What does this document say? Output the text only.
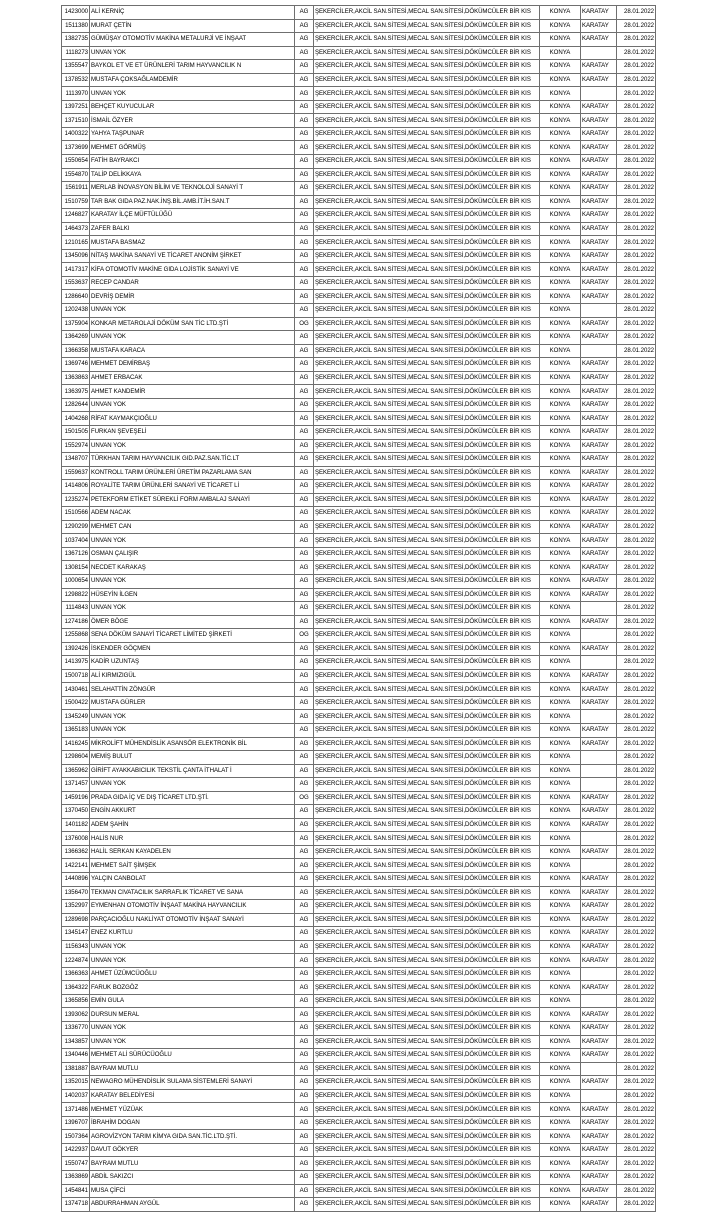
1423000	ALİ KERNİÇ	AG	ŞEKERCİLER,AKCİL SAN.SİTESİ,MECAL SAN.SİTESİ,DÖKÜMCÜLER BİR KIS	KONYA	KARATAY	28.01.2022
1511380	MURAT ÇETİN	AG	ŞEKERCİLER,AKCİL SAN.SİTESİ,MECAL SAN.SİTESİ,DÖKÜMCÜLER BİR KIS	KONYA	KARATAY	28.01.2022
1382735	GÜMÜŞAY OTOMOTİV MAKİNA METALURJİ VE İNŞAAT	AG	ŞEKERCİLER,AKCİL SAN.SİTESİ,MECAL SAN.SİTESİ,DÖKÜMCÜLER BİR KIS	KONYA	KARATAY	28.01.2022
1118273	UNVAN YOK	AG	ŞEKERCİLER,AKCİL SAN.SİTESİ,MECAL SAN.SİTESİ,DÖKÜMCÜLER BİR KIS	KONYA		28.01.2022
1355547	BAYKOL ET VE ET ÜRÜNLERİ TARIM HAYVANCILIK N	AG	ŞEKERCİLER,AKCİL SAN.SİTESİ,MECAL SAN.SİTESİ,DÖKÜMCÜLER BİR KIS	KONYA	KARATAY	28.01.2022
1378532	MUSTAFA ÇOKSAĞLAMDEMİR	AG	ŞEKERCİLER,AKCİL SAN.SİTESİ,MECAL SAN.SİTESİ,DÖKÜMCÜLER BİR KIS	KONYA	KARATAY	28.01.2022
1113970	UNVAN YOK	AG	ŞEKERCİLER,AKCİL SAN.SİTESİ,MECAL SAN.SİTESİ,DÖKÜMCÜLER BİR KIS	KONYA		28.01.2022
1397251	BEHÇET KUYUCULAR	AG	ŞEKERCİLER,AKCİL SAN.SİTESİ,MECAL SAN.SİTESİ,DÖKÜMCÜLER BİR KIS	KONYA	KARATAY	28.01.2022
1371510	İSMAİL ÖZYER	AG	ŞEKERCİLER,AKCİL SAN.SİTESİ,MECAL SAN.SİTESİ,DÖKÜMCÜLER BİR KIS	KONYA	KARATAY	28.01.2022
1400322	YAHYA TAŞPUNAR	AG	ŞEKERCİLER,AKCİL SAN.SİTESİ,MECAL SAN.SİTESİ,DÖKÜMCÜLER BİR KIS	KONYA	KARATAY	28.01.2022
1373699	MEHMET GÖRMÜŞ	AG	ŞEKERCİLER,AKCİL SAN.SİTESİ,MECAL SAN.SİTESİ,DÖKÜMCÜLER BİR KIS	KONYA	KARATAY	28.01.2022
1550654	FATİH BAYRAKCI	AG	ŞEKERCİLER,AKCİL SAN.SİTESİ,MECAL SAN.SİTESİ,DÖKÜMCÜLER BİR KIS	KONYA	KARATAY	28.01.2022
1554870	TALİP DELİKKAYA	AG	ŞEKERCİLER,AKCİL SAN.SİTESİ,MECAL SAN.SİTESİ,DÖKÜMCÜLER BİR KIS	KONYA	KARATAY	28.01.2022
1561911	MERLAB İNOVASYON BİLİM VE TEKNOLOJİ SANAYİ T	AG	ŞEKERCİLER,AKCİL SAN.SİTESİ,MECAL SAN.SİTESİ,DÖKÜMCÜLER BİR KIS	KONYA	KARATAY	28.01.2022
1510759	TAR BAK GIDA PAZ.NAK.İNŞ.BİL.AMB.İT.İH.SAN.T	AG	ŞEKERCİLER,AKCİL SAN.SİTESİ,MECAL SAN.SİTESİ,DÖKÜMCÜLER BİR KIS	KONYA	KARATAY	28.01.2022
1246827	KARATAY İLÇE MÜFTÜLÜĞÜ	AG	ŞEKERCİLER,AKCİL SAN.SİTESİ,MECAL SAN.SİTESİ,DÖKÜMCÜLER BİR KIS	KONYA	KARATAY	28.01.2022
1464373	ZAFER BALKI	AG	ŞEKERCİLER,AKCİL SAN.SİTESİ,MECAL SAN.SİTESİ,DÖKÜMCÜLER BİR KIS	KONYA	KARATAY	28.01.2022
1210165	MUSTAFA BASMAZ	AG	ŞEKERCİLER,AKCİL SAN.SİTESİ,MECAL SAN.SİTESİ,DÖKÜMCÜLER BİR KIS	KONYA	KARATAY	28.01.2022
1345096	NİTAŞ MAKİNA SANAYİ VE TİCARET ANONİM ŞİRKET	AG	ŞEKERCİLER,AKCİL SAN.SİTESİ,MECAL SAN.SİTESİ,DÖKÜMCÜLER BİR KIS	KONYA	KARATAY	28.01.2022
1417317	KİFA OTOMOTİV MAKİNE GIDA LOJİSTİK SANAYİ VE	AG	ŞEKERCİLER,AKCİL SAN.SİTESİ,MECAL SAN.SİTESİ,DÖKÜMCÜLER BİR KIS	KONYA	KARATAY	28.01.2022
1553637	RECEP CANDAR	AG	ŞEKERCİLER,AKCİL SAN.SİTESİ,MECAL SAN.SİTESİ,DÖKÜMCÜLER BİR KIS	KONYA	KARATAY	28.01.2022
1286640	DEVRİŞ DEMİR	AG	ŞEKERCİLER,AKCİL SAN.SİTESİ,MECAL SAN.SİTESİ,DÖKÜMCÜLER BİR KIS	KONYA	KARATAY	28.01.2022
1202438	UNVAN YOK	AG	ŞEKERCİLER,AKCİL SAN.SİTESİ,MECAL SAN.SİTESİ,DÖKÜMCÜLER BİR KIS	KONYA		28.01.2022
1375904	KONKAR METAROLAJİ DÖKÜM SAN TİC LTD.ŞTİ	OG	ŞEKERCİLER,AKCİL SAN.SİTESİ,MECAL SAN.SİTESİ,DÖKÜMCÜLER BİR KIS	KONYA	KARATAY	28.01.2022
1364269	UNVAN YOK	AG	ŞEKERCİLER,AKCİL SAN.SİTESİ,MECAL SAN.SİTESİ,DÖKÜMCÜLER BİR KIS	KONYA	KARATAY	28.01.2022
1366358	MUSTAFA KARACA	AG	ŞEKERCİLER,AKCİL SAN.SİTESİ,MECAL SAN.SİTESİ,DÖKÜMCÜLER BİR KIS	KONYA		28.01.2022
1369746	MEHMET DEMİRBAŞ	AG	ŞEKERCİLER,AKCİL SAN.SİTESİ,MECAL SAN.SİTESİ,DÖKÜMCÜLER BİR KIS	KONYA	KARATAY	28.01.2022
1363863	AHMET ERBACAK	AG	ŞEKERCİLER,AKCİL SAN.SİTESİ,MECAL SAN.SİTESİ,DÖKÜMCÜLER BİR KIS	KONYA	KARATAY	28.01.2022
1363975	AHMET KANDEMİR	AG	ŞEKERCİLER,AKCİL SAN.SİTESİ,MECAL SAN.SİTESİ,DÖKÜMCÜLER BİR KIS	KONYA	KARATAY	28.01.2022
1282644	UNVAN YOK	AG	ŞEKERCİLER,AKCİL SAN.SİTESİ,MECAL SAN.SİTESİ,DÖKÜMCÜLER BİR KIS	KONYA	KARATAY	28.01.2022
1404268	RİFAT KAYMAKÇIOĞLU	AG	ŞEKERCİLER,AKCİL SAN.SİTESİ,MECAL SAN.SİTESİ,DÖKÜMCÜLER BİR KIS	KONYA	KARATAY	28.01.2022
1501505	FURKAN ŞEVEŞELİ	AG	ŞEKERCİLER,AKCİL SAN.SİTESİ,MECAL SAN.SİTESİ,DÖKÜMCÜLER BİR KIS	KONYA	KARATAY	28.01.2022
1552974	UNVAN YOK	AG	ŞEKERCİLER,AKCİL SAN.SİTESİ,MECAL SAN.SİTESİ,DÖKÜMCÜLER BİR KIS	KONYA	KARATAY	28.01.2022
1348707	TÜRKHAN TARIM HAYVANCILIK GID.PAZ.SAN.TİC.LT	AG	ŞEKERCİLER,AKCİL SAN.SİTESİ,MECAL SAN.SİTESİ,DÖKÜMCÜLER BİR KIS	KONYA	KARATAY	28.01.2022
1559637	KONTROLL TARIM ÜRÜNLERİ ÜRETİM PAZARLAMA SAN	AG	ŞEKERCİLER,AKCİL SAN.SİTESİ,MECAL SAN.SİTESİ,DÖKÜMCÜLER BİR KIS	KONYA	KARATAY	28.01.2022
1414806	ROYALİTE TARIM ÜRÜNLERİ SANAYİ VE TİCARET Lİ	AG	ŞEKERCİLER,AKCİL SAN.SİTESİ,MECAL SAN.SİTESİ,DÖKÜMCÜLER BİR KIS	KONYA	KARATAY	28.01.2022
1235274	PETEKFORM ETİKET SÜREKLİ FORM AMBALAJ SANAYİ	AG	ŞEKERCİLER,AKCİL SAN.SİTESİ,MECAL SAN.SİTESİ,DÖKÜMCÜLER BİR KIS	KONYA	KARATAY	28.01.2022
1510566	ADEM NACAK	AG	ŞEKERCİLER,AKCİL SAN.SİTESİ,MECAL SAN.SİTESİ,DÖKÜMCÜLER BİR KIS	KONYA	KARATAY	28.01.2022
1290299	MEHMET CAN	AG	ŞEKERCİLER,AKCİL SAN.SİTESİ,MECAL SAN.SİTESİ,DÖKÜMCÜLER BİR KIS	KONYA	KARATAY	28.01.2022
1037404	UNVAN YOK	AG	ŞEKERCİLER,AKCİL SAN.SİTESİ,MECAL SAN.SİTESİ,DÖKÜMCÜLER BİR KIS	KONYA	KARATAY	28.01.2022
1367126	OSMAN ÇALIŞIR	AG	ŞEKERCİLER,AKCİL SAN.SİTESİ,MECAL SAN.SİTESİ,DÖKÜMCÜLER BİR KIS	KONYA	KARATAY	28.01.2022
1308154	NECDET KARAKAŞ	AG	ŞEKERCİLER,AKCİL SAN.SİTESİ,MECAL SAN.SİTESİ,DÖKÜMCÜLER BİR KIS	KONYA	KARATAY	28.01.2022
1000654	UNVAN YOK	AG	ŞEKERCİLER,AKCİL SAN.SİTESİ,MECAL SAN.SİTESİ,DÖKÜMCÜLER BİR KIS	KONYA	KARATAY	28.01.2022
1298822	HÜSEYİN İLGEN	AG	ŞEKERCİLER,AKCİL SAN.SİTESİ,MECAL SAN.SİTESİ,DÖKÜMCÜLER BİR KIS	KONYA	KARATAY	28.01.2022
1114843	UNVAN YOK	AG	ŞEKERCİLER,AKCİL SAN.SİTESİ,MECAL SAN.SİTESİ,DÖKÜMCÜLER BİR KIS	KONYA		28.01.2022
1274186	ÖMER BÖGE	AG	ŞEKERCİLER,AKCİL SAN.SİTESİ,MECAL SAN.SİTESİ,DÖKÜMCÜLER BİR KIS	KONYA	KARATAY	28.01.2022
1255868	SENA DÖKÜM SANAYİ TİCARET LİMİTED ŞİRKETİ	OG	ŞEKERCİLER,AKCİL SAN.SİTESİ,MECAL SAN.SİTESİ,DÖKÜMCÜLER BİR KIS	KONYA		28.01.2022
1392426	İSKENDER GÖÇMEN	AG	ŞEKERCİLER,AKCİL SAN.SİTESİ,MECAL SAN.SİTESİ,DÖKÜMCÜLER BİR KIS	KONYA	KARATAY	28.01.2022
1413975	KADİR UZUNTAŞ	AG	ŞEKERCİLER,AKCİL SAN.SİTESİ,MECAL SAN.SİTESİ,DÖKÜMCÜLER BİR KIS	KONYA		28.01.2022
1500718	ALİ KIRMIZIGÜL	AG	ŞEKERCİLER,AKCİL SAN.SİTESİ,MECAL SAN.SİTESİ,DÖKÜMCÜLER BİR KIS	KONYA	KARATAY	28.01.2022
1430461	SELAHATTİN ZÖNGÜR	AG	ŞEKERCİLER,AKCİL SAN.SİTESİ,MECAL SAN.SİTESİ,DÖKÜMCÜLER BİR KIS	KONYA	KARATAY	28.01.2022
1500422	MUSTAFA GÜRLER	AG	ŞEKERCİLER,AKCİL SAN.SİTESİ,MECAL SAN.SİTESİ,DÖKÜMCÜLER BİR KIS	KONYA	KARATAY	28.01.2022
1345249	UNVAN YOK	AG	ŞEKERCİLER,AKCİL SAN.SİTESİ,MECAL SAN.SİTESİ,DÖKÜMCÜLER BİR KIS	KONYA		28.01.2022
1365183	UNVAN YOK	AG	ŞEKERCİLER,AKCİL SAN.SİTESİ,MECAL SAN.SİTESİ,DÖKÜMCÜLER BİR KIS	KONYA	KARATAY	28.01.2022
1416245	MİKROLİFT MÜHENDİSLİK ASANSÖR ELEKTRONİK BİL	AG	ŞEKERCİLER,AKCİL SAN.SİTESİ,MECAL SAN.SİTESİ,DÖKÜMCÜLER BİR KIS	KONYA	KARATAY	28.01.2022
1298604	MEMİŞ BULUT	AG	ŞEKERCİLER,AKCİL SAN.SİTESİ,MECAL SAN.SİTESİ,DÖKÜMCÜLER BİR KIS	KONYA		28.01.2022
1365962	GİRİFT AYAKKABICILIK TEKSTİL ÇANTA İTHALAT İ	AG	ŞEKERCİLER,AKCİL SAN.SİTESİ,MECAL SAN.SİTESİ,DÖKÜMCÜLER BİR KIS	KONYA		28.01.2022
1371457	UNVAN YOK	AG	ŞEKERCİLER,AKCİL SAN.SİTESİ,MECAL SAN.SİTESİ,DÖKÜMCÜLER BİR KIS	KONYA		28.01.2022
1459196	PRADA GIDA İÇ VE DIŞ TİCARET LTD.ŞTİ.	OG	ŞEKERCİLER,AKCİL SAN.SİTESİ,MECAL SAN.SİTESİ,DÖKÜMCÜLER BİR KIS	KONYA	KARATAY	28.01.2022
1370450	ENGİN AKKURT	AG	ŞEKERCİLER,AKCİL SAN.SİTESİ,MECAL SAN.SİTESİ,DÖKÜMCÜLER BİR KIS	KONYA	KARATAY	28.01.2022
1401182	ADEM ŞAHİN	AG	ŞEKERCİLER,AKCİL SAN.SİTESİ,MECAL SAN.SİTESİ,DÖKÜMCÜLER BİR KIS	KONYA	KARATAY	28.01.2022
1376008	HALİS NUR	AG	ŞEKERCİLER,AKCİL SAN.SİTESİ,MECAL SAN.SİTESİ,DÖKÜMCÜLER BİR KIS	KONYA		28.01.2022
1366362	HALİL SERKAN KAYADELEN	AG	ŞEKERCİLER,AKCİL SAN.SİTESİ,MECAL SAN.SİTESİ,DÖKÜMCÜLER BİR KIS	KONYA	KARATAY	28.01.2022
1422141	MEHMET SAİT ŞİMŞEK	AG	ŞEKERCİLER,AKCİL SAN.SİTESİ,MECAL SAN.SİTESİ,DÖKÜMCÜLER BİR KIS	KONYA		28.01.2022
1440896	YALÇIN CANBOLAT	AG	ŞEKERCİLER,AKCİL SAN.SİTESİ,MECAL SAN.SİTESİ,DÖKÜMCÜLER BİR KIS	KONYA	KARATAY	28.01.2022
1356470	TEKMAN CIVATACILIK SARRAFLIK TİCARET VE SANA	AG	ŞEKERCİLER,AKCİL SAN.SİTESİ,MECAL SAN.SİTESİ,DÖKÜMCÜLER BİR KIS	KONYA	KARATAY	28.01.2022
1352997	EYMENHAN OTOMOTİV İNŞAAT MAKİNA HAYVANCILIK	AG	ŞEKERCİLER,AKCİL SAN.SİTESİ,MECAL SAN.SİTESİ,DÖKÜMCÜLER BİR KIS	KONYA	KARATAY	28.01.2022
1289698	PARÇACIOĞLU NAKLİYAT OTOMOTİV İNŞAAT SANAYİ	AG	ŞEKERCİLER,AKCİL SAN.SİTESİ,MECAL SAN.SİTESİ,DÖKÜMCÜLER BİR KIS	KONYA	KARATAY	28.01.2022
1345147	ENEZ KURTLU	AG	ŞEKERCİLER,AKCİL SAN.SİTESİ,MECAL SAN.SİTESİ,DÖKÜMCÜLER BİR KIS	KONYA	KARATAY	28.01.2022
1156343	UNVAN YOK	AG	ŞEKERCİLER,AKCİL SAN.SİTESİ,MECAL SAN.SİTESİ,DÖKÜMCÜLER BİR KIS	KONYA	KARATAY	28.01.2022
1224874	UNVAN YOK	AG	ŞEKERCİLER,AKCİL SAN.SİTESİ,MECAL SAN.SİTESİ,DÖKÜMCÜLER BİR KIS	KONYA	KARATAY	28.01.2022
1366363	AHMET ÜZÜMCÜOĞLU	AG	ŞEKERCİLER,AKCİL SAN.SİTESİ,MECAL SAN.SİTESİ,DÖKÜMCÜLER BİR KIS	KONYA		28.01.2022
1364322	FARUK BOZGÖZ	AG	ŞEKERCİLER,AKCİL SAN.SİTESİ,MECAL SAN.SİTESİ,DÖKÜMCÜLER BİR KIS	KONYA	KARATAY	28.01.2022
1365856	EMİN GULA	AG	ŞEKERCİLER,AKCİL SAN.SİTESİ,MECAL SAN.SİTESİ,DÖKÜMCÜLER BİR KIS	KONYA		28.01.2022
1393062	DURSUN MERAL	AG	ŞEKERCİLER,AKCİL SAN.SİTESİ,MECAL SAN.SİTESİ,DÖKÜMCÜLER BİR KIS	KONYA	KARATAY	28.01.2022
1336770	UNVAN YOK	AG	ŞEKERCİLER,AKCİL SAN.SİTESİ,MECAL SAN.SİTESİ,DÖKÜMCÜLER BİR KIS	KONYA	KARATAY	28.01.2022
1343857	UNVAN YOK	AG	ŞEKERCİLER,AKCİL SAN.SİTESİ,MECAL SAN.SİTESİ,DÖKÜMCÜLER BİR KIS	KONYA	KARATAY	28.01.2022
1340446	MEHMET ALİ SÜRÜCÜOĞLU	AG	ŞEKERCİLER,AKCİL SAN.SİTESİ,MECAL SAN.SİTESİ,DÖKÜMCÜLER BİR KIS	KONYA	KARATAY	28.01.2022
1381887	BAYRAM MUTLU	AG	ŞEKERCİLER,AKCİL SAN.SİTESİ,MECAL SAN.SİTESİ,DÖKÜMCÜLER BİR KIS	KONYA		28.01.2022
1352015	NEWAGRO MÜHENDİSLİK SULAMA SİSTEMLERİ SANAYİ	AG	ŞEKERCİLER,AKCİL SAN.SİTESİ,MECAL SAN.SİTESİ,DÖKÜMCÜLER BİR KIS	KONYA	KARATAY	28.01.2022
1402037	KARATAY BELEDİYESİ	AG	ŞEKERCİLER,AKCİL SAN.SİTESİ,MECAL SAN.SİTESİ,DÖKÜMCÜLER BİR KIS	KONYA		28.01.2022
1371486	MEHMET YÜZÜAK	AG	ŞEKERCİLER,AKCİL SAN.SİTESİ,MECAL SAN.SİTESİ,DÖKÜMCÜLER BİR KIS	KONYA	KARATAY	28.01.2022
1396707	İBRAHİM DOGAN	AG	ŞEKERCİLER,AKCİL SAN.SİTESİ,MECAL SAN.SİTESİ,DÖKÜMCÜLER BİR KIS	KONYA	KARATAY	28.01.2022
1507364	AGROVİZYON TARIM KİMYA GIDA SAN.TİC.LTD.ŞTİ.	AG	ŞEKERCİLER,AKCİL SAN.SİTESİ,MECAL SAN.SİTESİ,DÖKÜMCÜLER BİR KIS	KONYA	KARATAY	28.01.2022
1422937	DAVUT GÖKYER	AG	ŞEKERCİLER,AKCİL SAN.SİTESİ,MECAL SAN.SİTESİ,DÖKÜMCÜLER BİR KIS	KONYA	KARATAY	28.01.2022
1550747	BAYRAM MUTLU	AG	ŞEKERCİLER,AKCİL SAN.SİTESİ,MECAL SAN.SİTESİ,DÖKÜMCÜLER BİR KIS	KONYA	KARATAY	28.01.2022
1363869	ABDİL SAKIZCI	AG	ŞEKERCİLER,AKCİL SAN.SİTESİ,MECAL SAN.SİTESİ,DÖKÜMCÜLER BİR KIS	KONYA	KARATAY	28.01.2022
1454841	MUSA ÇİFCİ	AG	ŞEKERCİLER,AKCİL SAN.SİTESİ,MECAL SAN.SİTESİ,DÖKÜMCÜLER BİR KIS	KONYA	KARATAY	28.01.2022
1374718	ABDURRAHMAN AYGÜL	AG	ŞEKERCİLER,AKCİL SAN.SİTESİ,MECAL SAN.SİTESİ,DÖKÜMCÜLER BİR KIS	KONYA	KARATAY	28.01.2022
